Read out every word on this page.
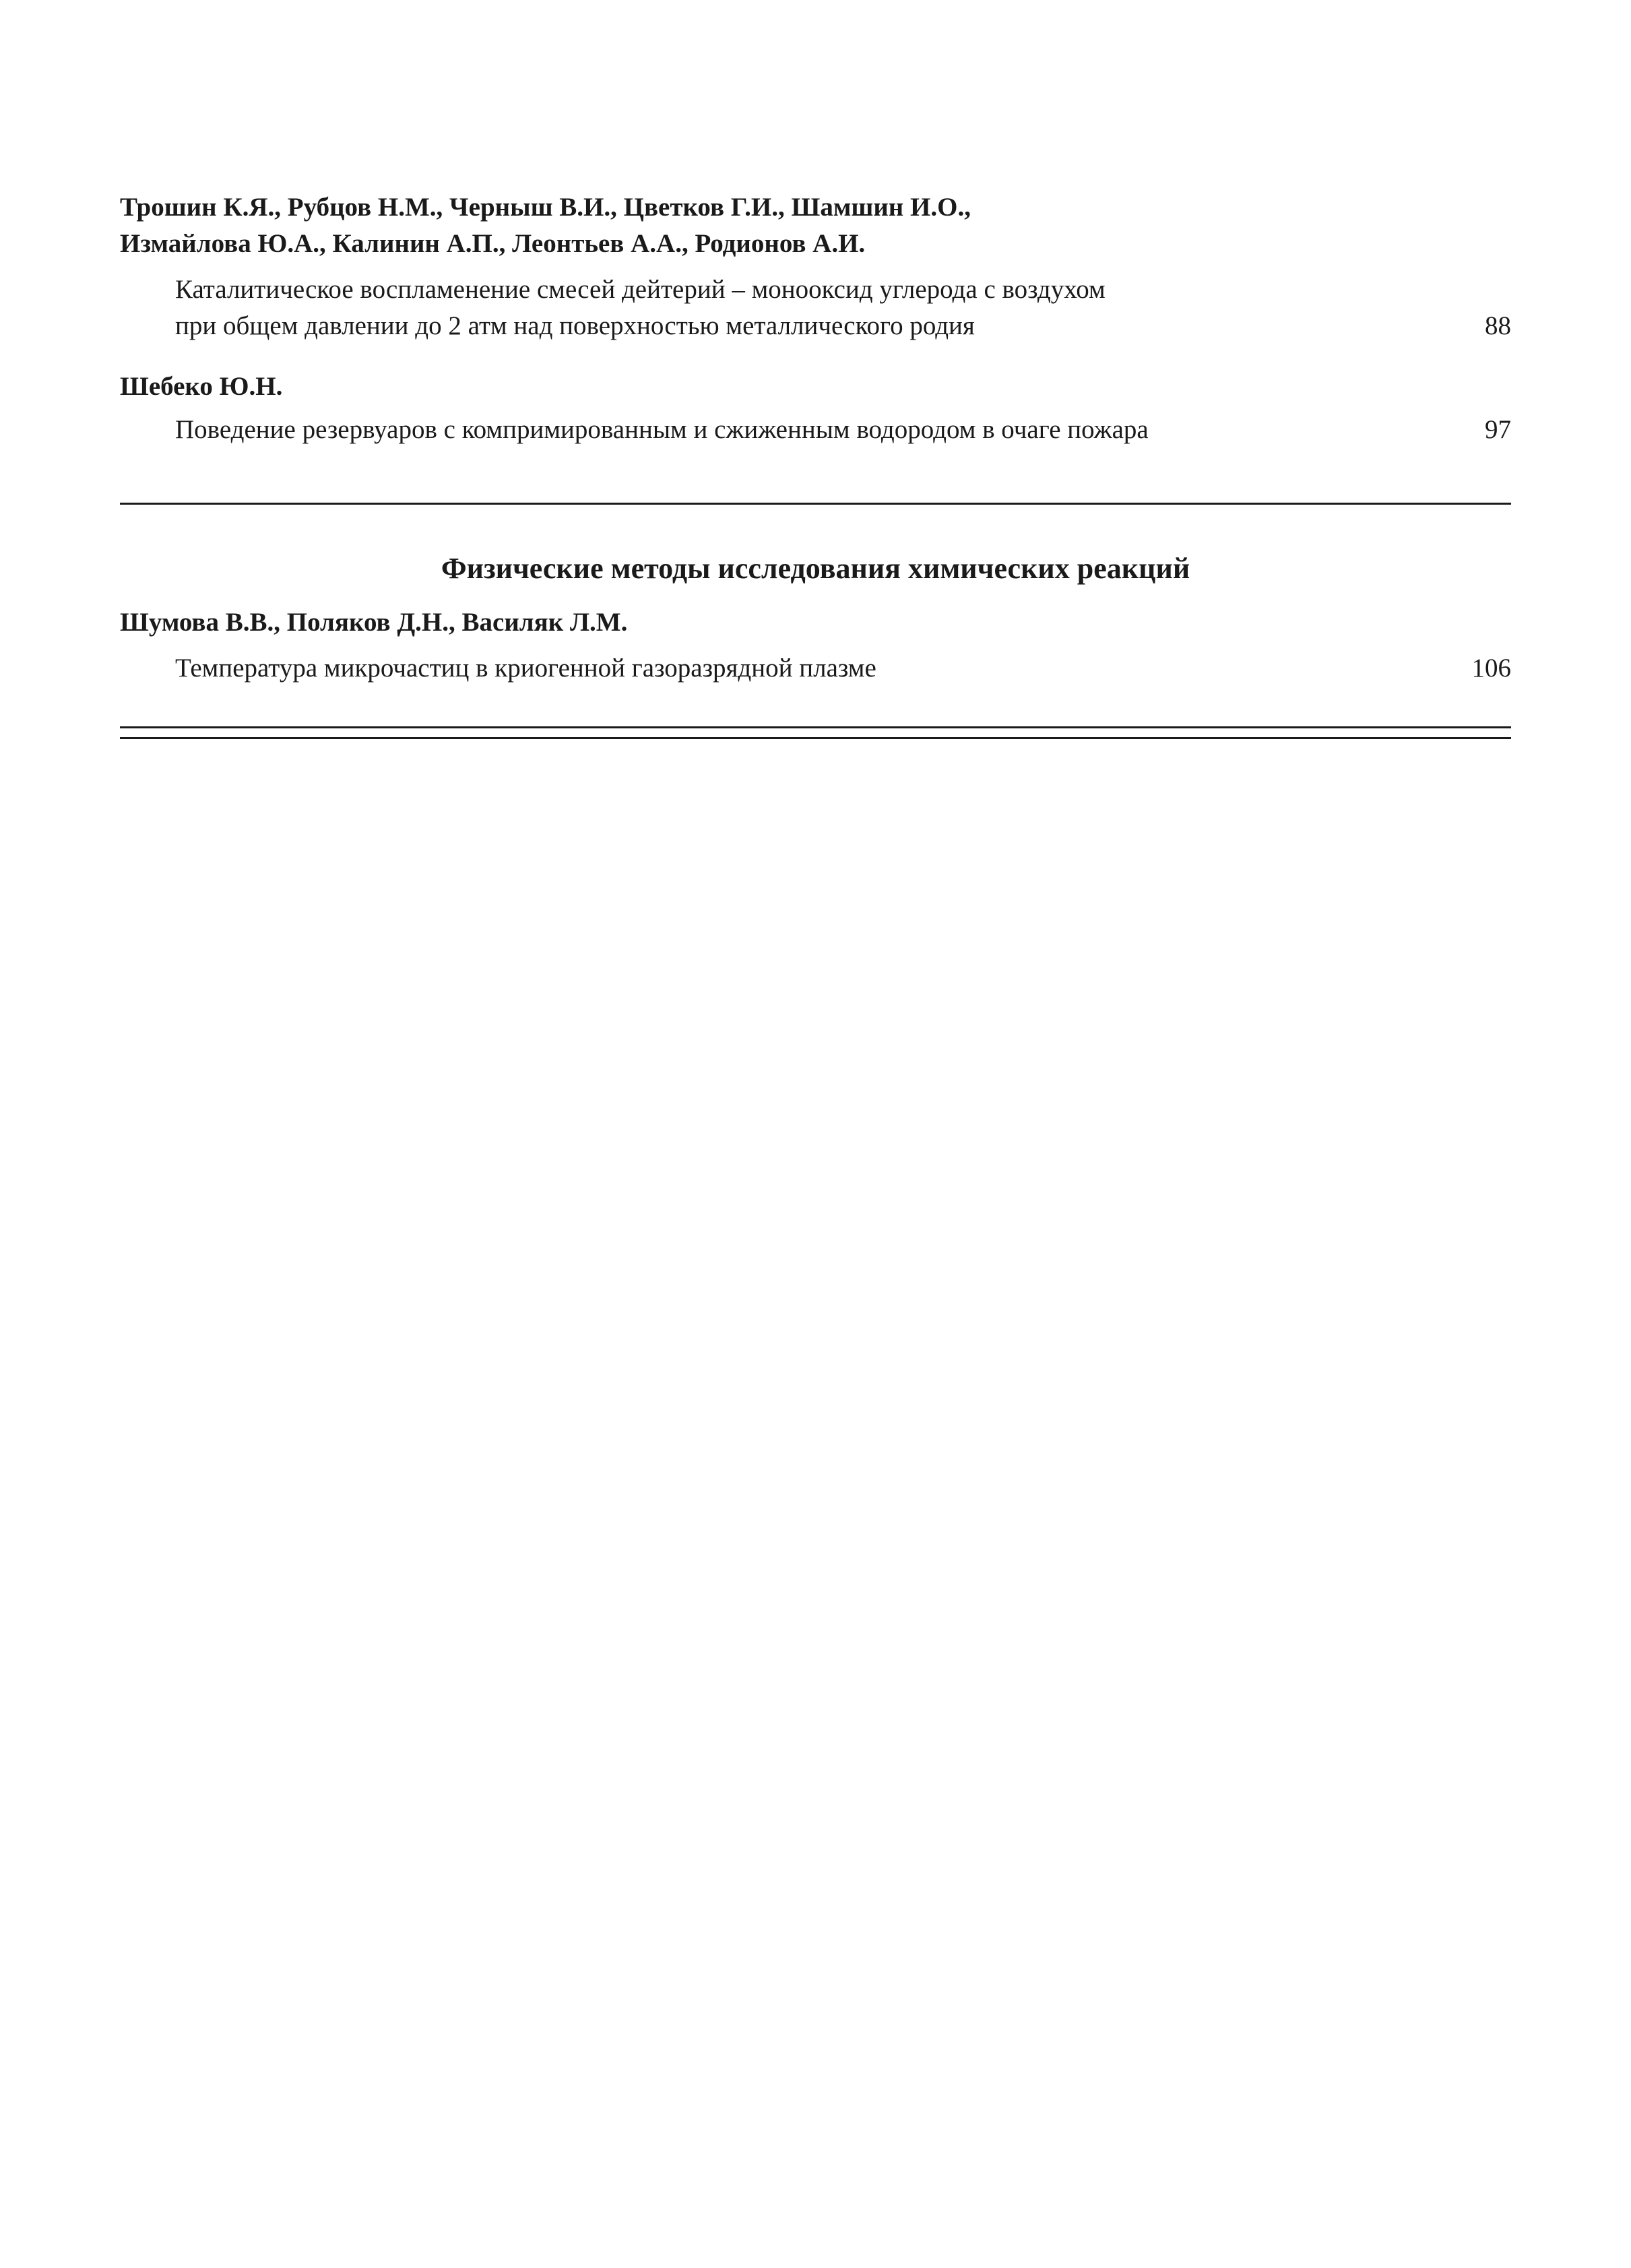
Трошин К.Я., Рубцов Н.М., Черныш В.И., Цветков Г.И., Шамшин И.О.,
Измайлова Ю.А., Калинин А.П., Леонтьев А.А., Родионов А.И.
Каталитическое воспламенение смесей дейтерий – монооксид углерода с воздухом
при общем давлении до 2 атм над поверхностью металлического родия	88
Шебеко Ю.Н.
Поведение резервуаров с компримированным и сжиженным водородом в очаге пожара	97
Физические методы исследования химических реакций
Шумова В.В., Поляков Д.Н., Василяк Л.М.
Температура микрочастиц в криогенной газоразрядной плазме	106
